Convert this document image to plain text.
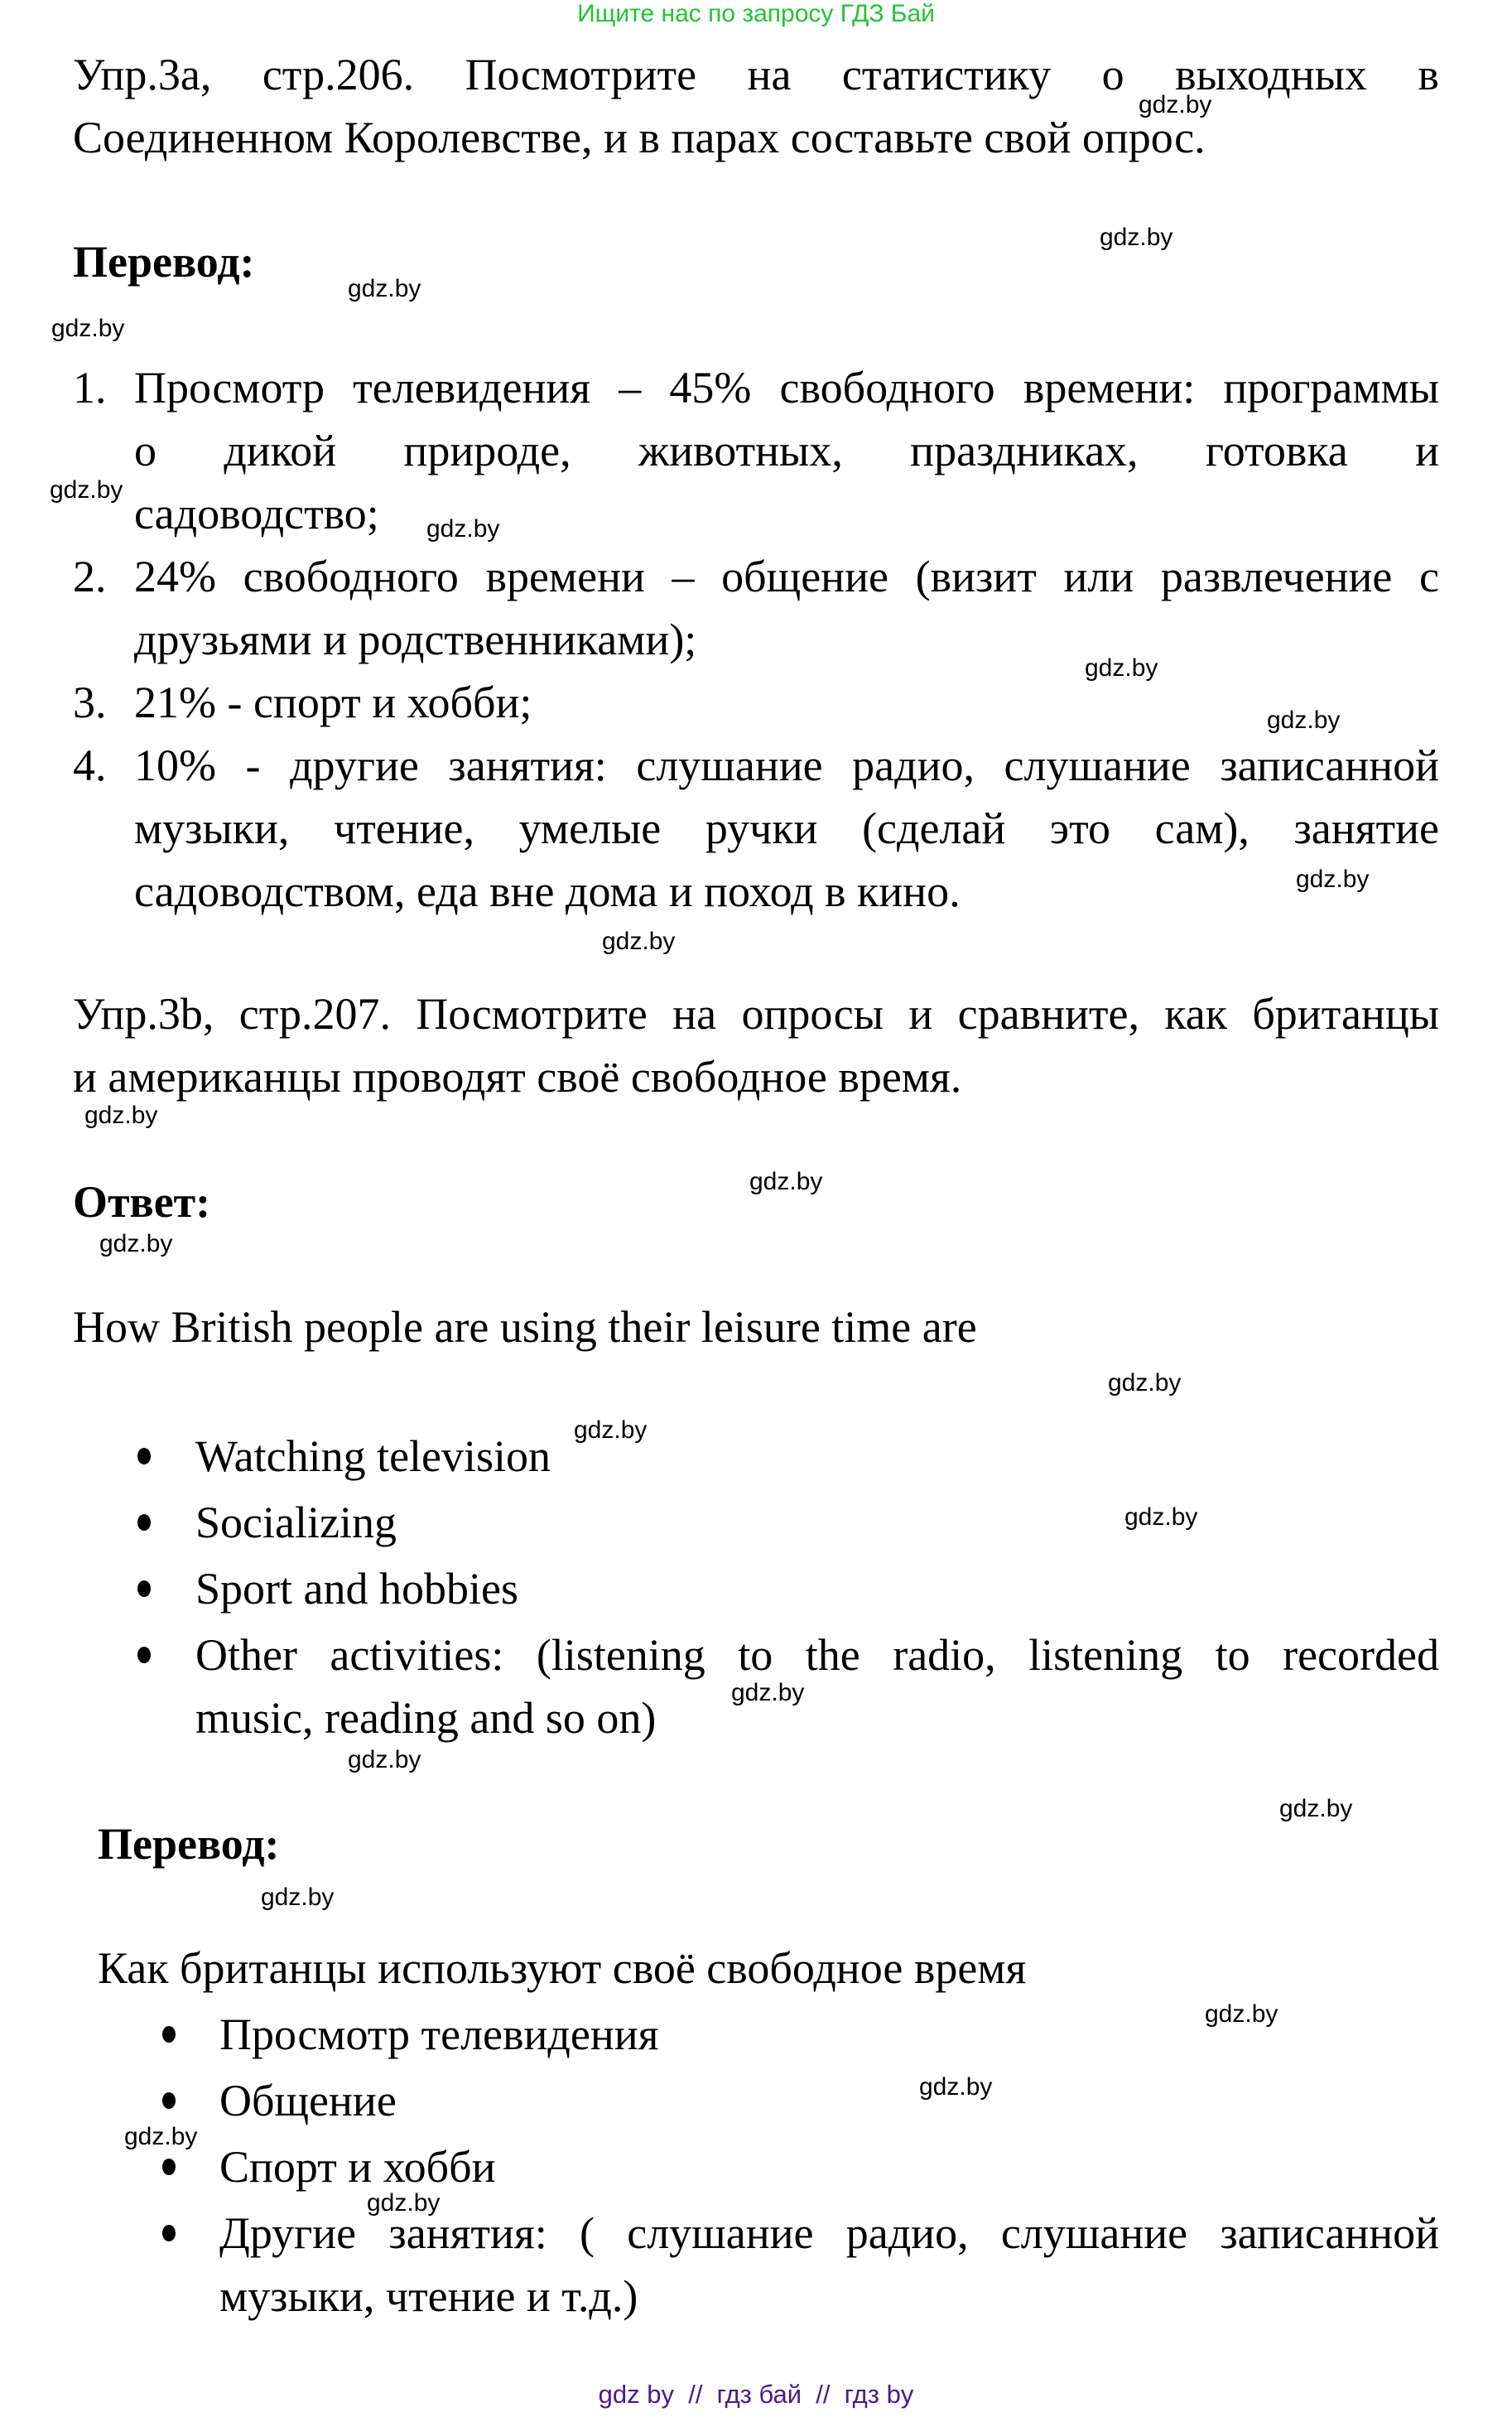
Ищите нас по запросу ГДЗ Бай
Упр.3а, стр.206. Посмотрите на статистику о выходных в
Соединенном Королевстве, и в парах составьте свой опрос.
Перевод:
1. Просмотр телевидения – 45% свободного времени: программы
о дикой природе, животных, праздниках, готовка и
садоводство;
2. 24% свободного времени – общение (визит или развлечение с
друзьями и родственниками);
3. 21% - спорт и хобби;
4. 10% - другие занятия: слушание радио, слушание записанной
музыки, чтение, умелые ручки (сделай это сам), занятие
садоводством, еда вне дома и поход в кино.
Упр.3b, стр.207. Посмотрите на опросы и сравните, как британцы
и американцы проводят своё свободное время.
Ответ:
How British people are using their leisure time are
Watching television
Socializing
Sport and hobbies
Other activities: (listening to the radio, listening to recorded
music, reading and so on)
Перевод:
Как британцы используют своё свободное время
Просмотр телевидения
Общение
Спорт и хобби
Другие занятия: ( слушание радио, слушание записанной
музыки, чтение и т.д.)
gdz.by
gdz.by
gdz.by
gdz.by
gdz.by
gdz.by
gdz.by
gdz.by
gdz.by
gdz.by
gdz.by
gdz.by
gdz.by
gdz.by
gdz.by
gdz.by
gdz.by
gdz.by
gdz.by
gdz.by
gdz.by
gdz.by
gdz.by
gdz.by
gdz by  //  гдз бай  //  гдз by
